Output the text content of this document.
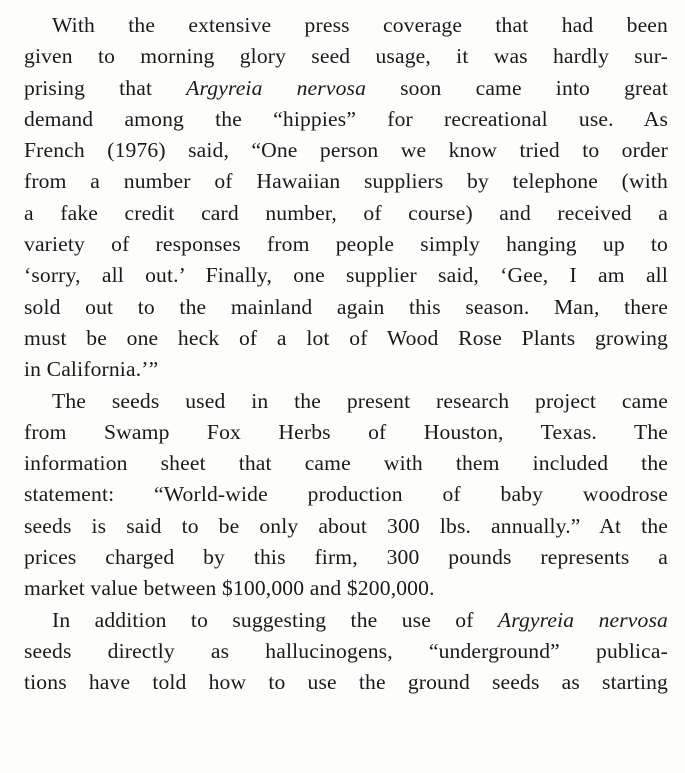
With the extensive press coverage that had been
given to morning glory seed usage, it was hardly sur-
prising that Argyreia nervosa soon came into great
demand among the “hippies” for recreational use. As
French (1976) said, “One person we know tried to order
from a number of Hawaiian suppliers by telephone (with
a fake credit card number, of course) and received a
variety of responses from people simply hanging up to
‘sorry, all out.’ Finally, one supplier said, ‘Gee, I am all
sold out to the mainland again this season. Man, there
must be one heck of a lot of Wood Rose Plants growing
in California.’”
The seeds used in the present research project came
from Swamp Fox Herbs of Houston, Texas. The
information sheet that came with them included the
statement: “World-wide production of baby woodrose
seeds is said to be only about 300 lbs. annually.” At the
prices charged by this firm, 300 pounds represents a
market value between $100,000 and $200,000.
In addition to suggesting the use of Argyreia nervosa
seeds directly as hallucinogens, “underground” publica-
tions have told how to use the ground seeds as starting
